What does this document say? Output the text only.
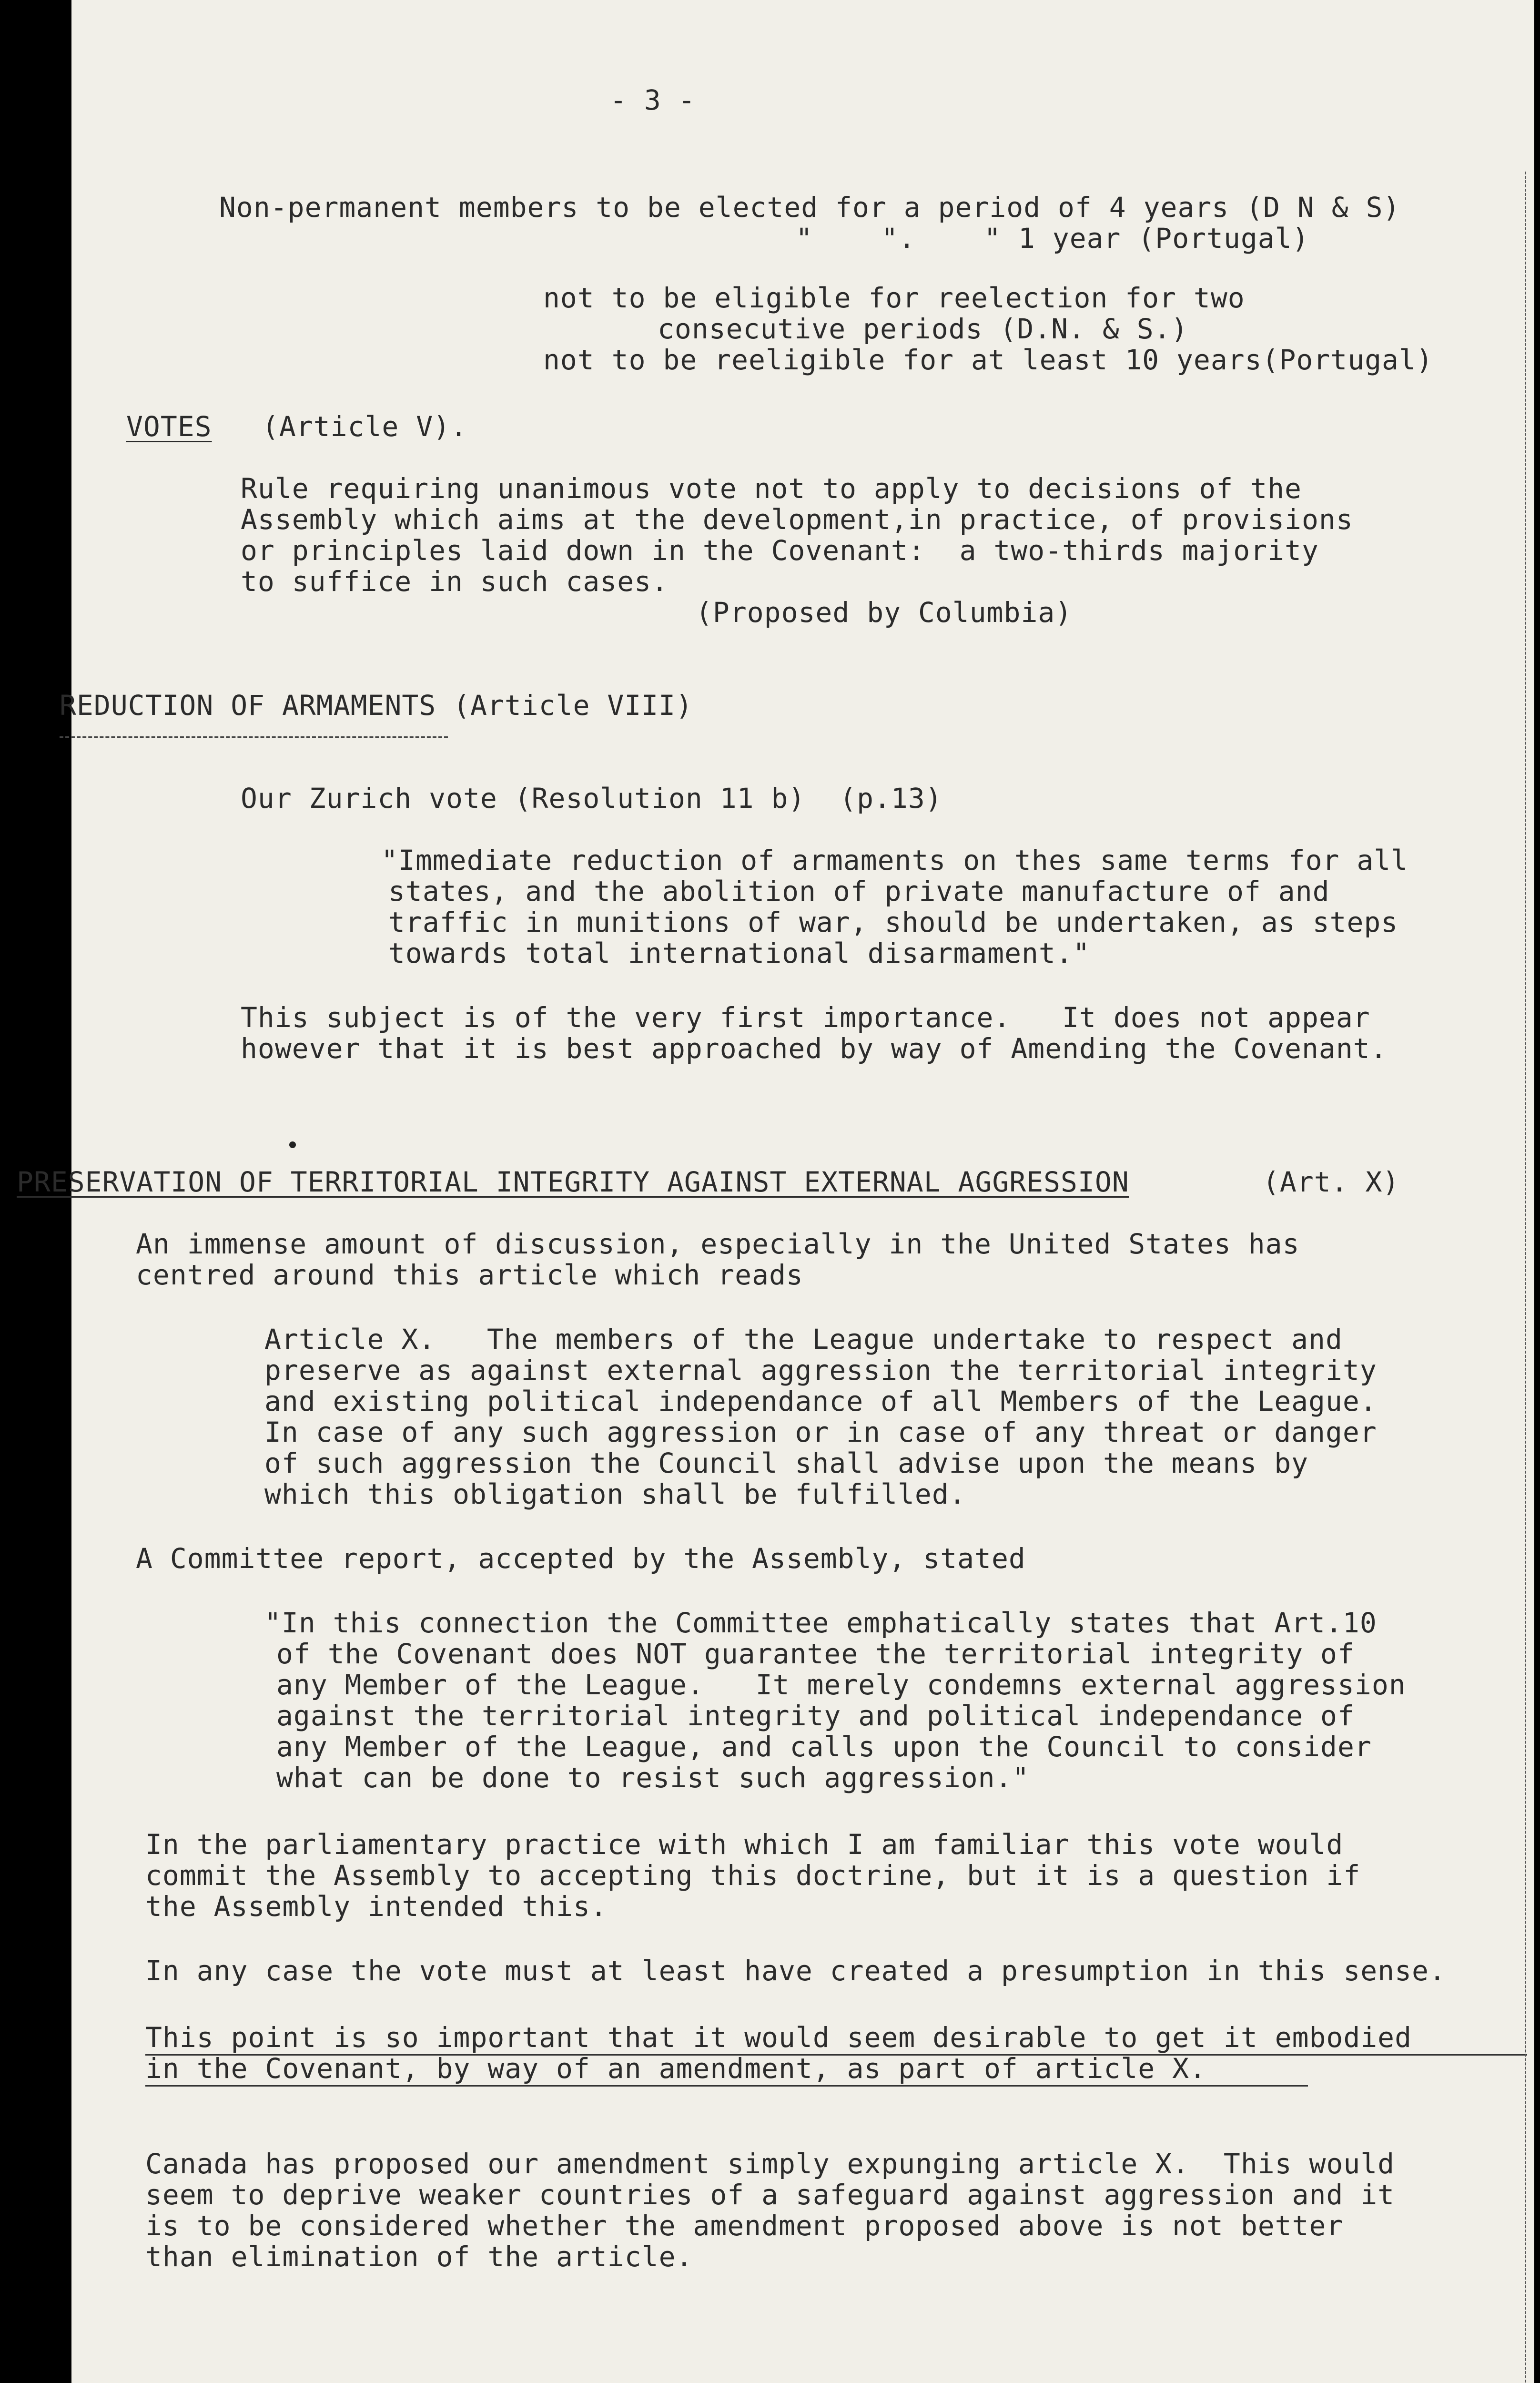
- 3 -
Non-permanent members to be elected for a period of 4 years (D N & S)
"    ".    " 1 year (Portugal)
not to be eligible for reelection for two
consecutive periods (D.N. & S.)
not to be reeligible for at least 10 years(Portugal)
VOTES (Article V).
Rule requiring unanimous vote not to apply to decisions of the
Assembly which aims at the development,in practice, of provisions
or principles laid down in the Covenant:  a two-thirds majority
to suffice in such cases.
(Proposed by Columbia)
REDUCTION OF ARMAMENTS (Article VIII)
Our Zurich vote (Resolution 11 b)  (p.13)
"Immediate reduction of armaments on thes same terms for all
states, and the abolition of private manufacture of and
traffic in munitions of war, should be undertaken, as steps
towards total international disarmament."
This subject is of the very first importance.   It does not appear
however that it is best approached by way of Amending the Covenant.
PRESERVATION OF TERRITORIAL INTEGRITY AGAINST EXTERNAL AGGRESSION	(Art. X)
An immense amount of discussion, especially in the United States has
centred around this article which reads
Article X.   The members of the League undertake to respect and
preserve as against external aggression the territorial integrity
and existing political independance of all Members of the League.
In case of any such aggression or in case of any threat or danger
of such aggression the Council shall advise upon the means by
which this obligation shall be fulfilled.
A Committee report, accepted by the Assembly, stated
"In this connection the Committee emphatically states that Art.10
of the Covenant does NOT guarantee the territorial integrity of
any Member of the League.   It merely condemns external aggression
against the territorial integrity and political independance of
any Member of the League, and calls upon the Council to consider
what can be done to resist such aggression."
In the parliamentary practice with which I am familiar this vote would
commit the Assembly to accepting this doctrine, but it is a question if
the Assembly intended this.
In any case the vote must at least have created a presumption in this sense.
This point is so important that it would seem desirable to get it embodied
in the Covenant, by way of an amendment, as part of article X.
Canada has proposed our amendment simply expunging article X.  This would
seem to deprive weaker countries of a safeguard against aggression and it
is to be considered whether the amendment proposed above is not better
than elimination of the article.
